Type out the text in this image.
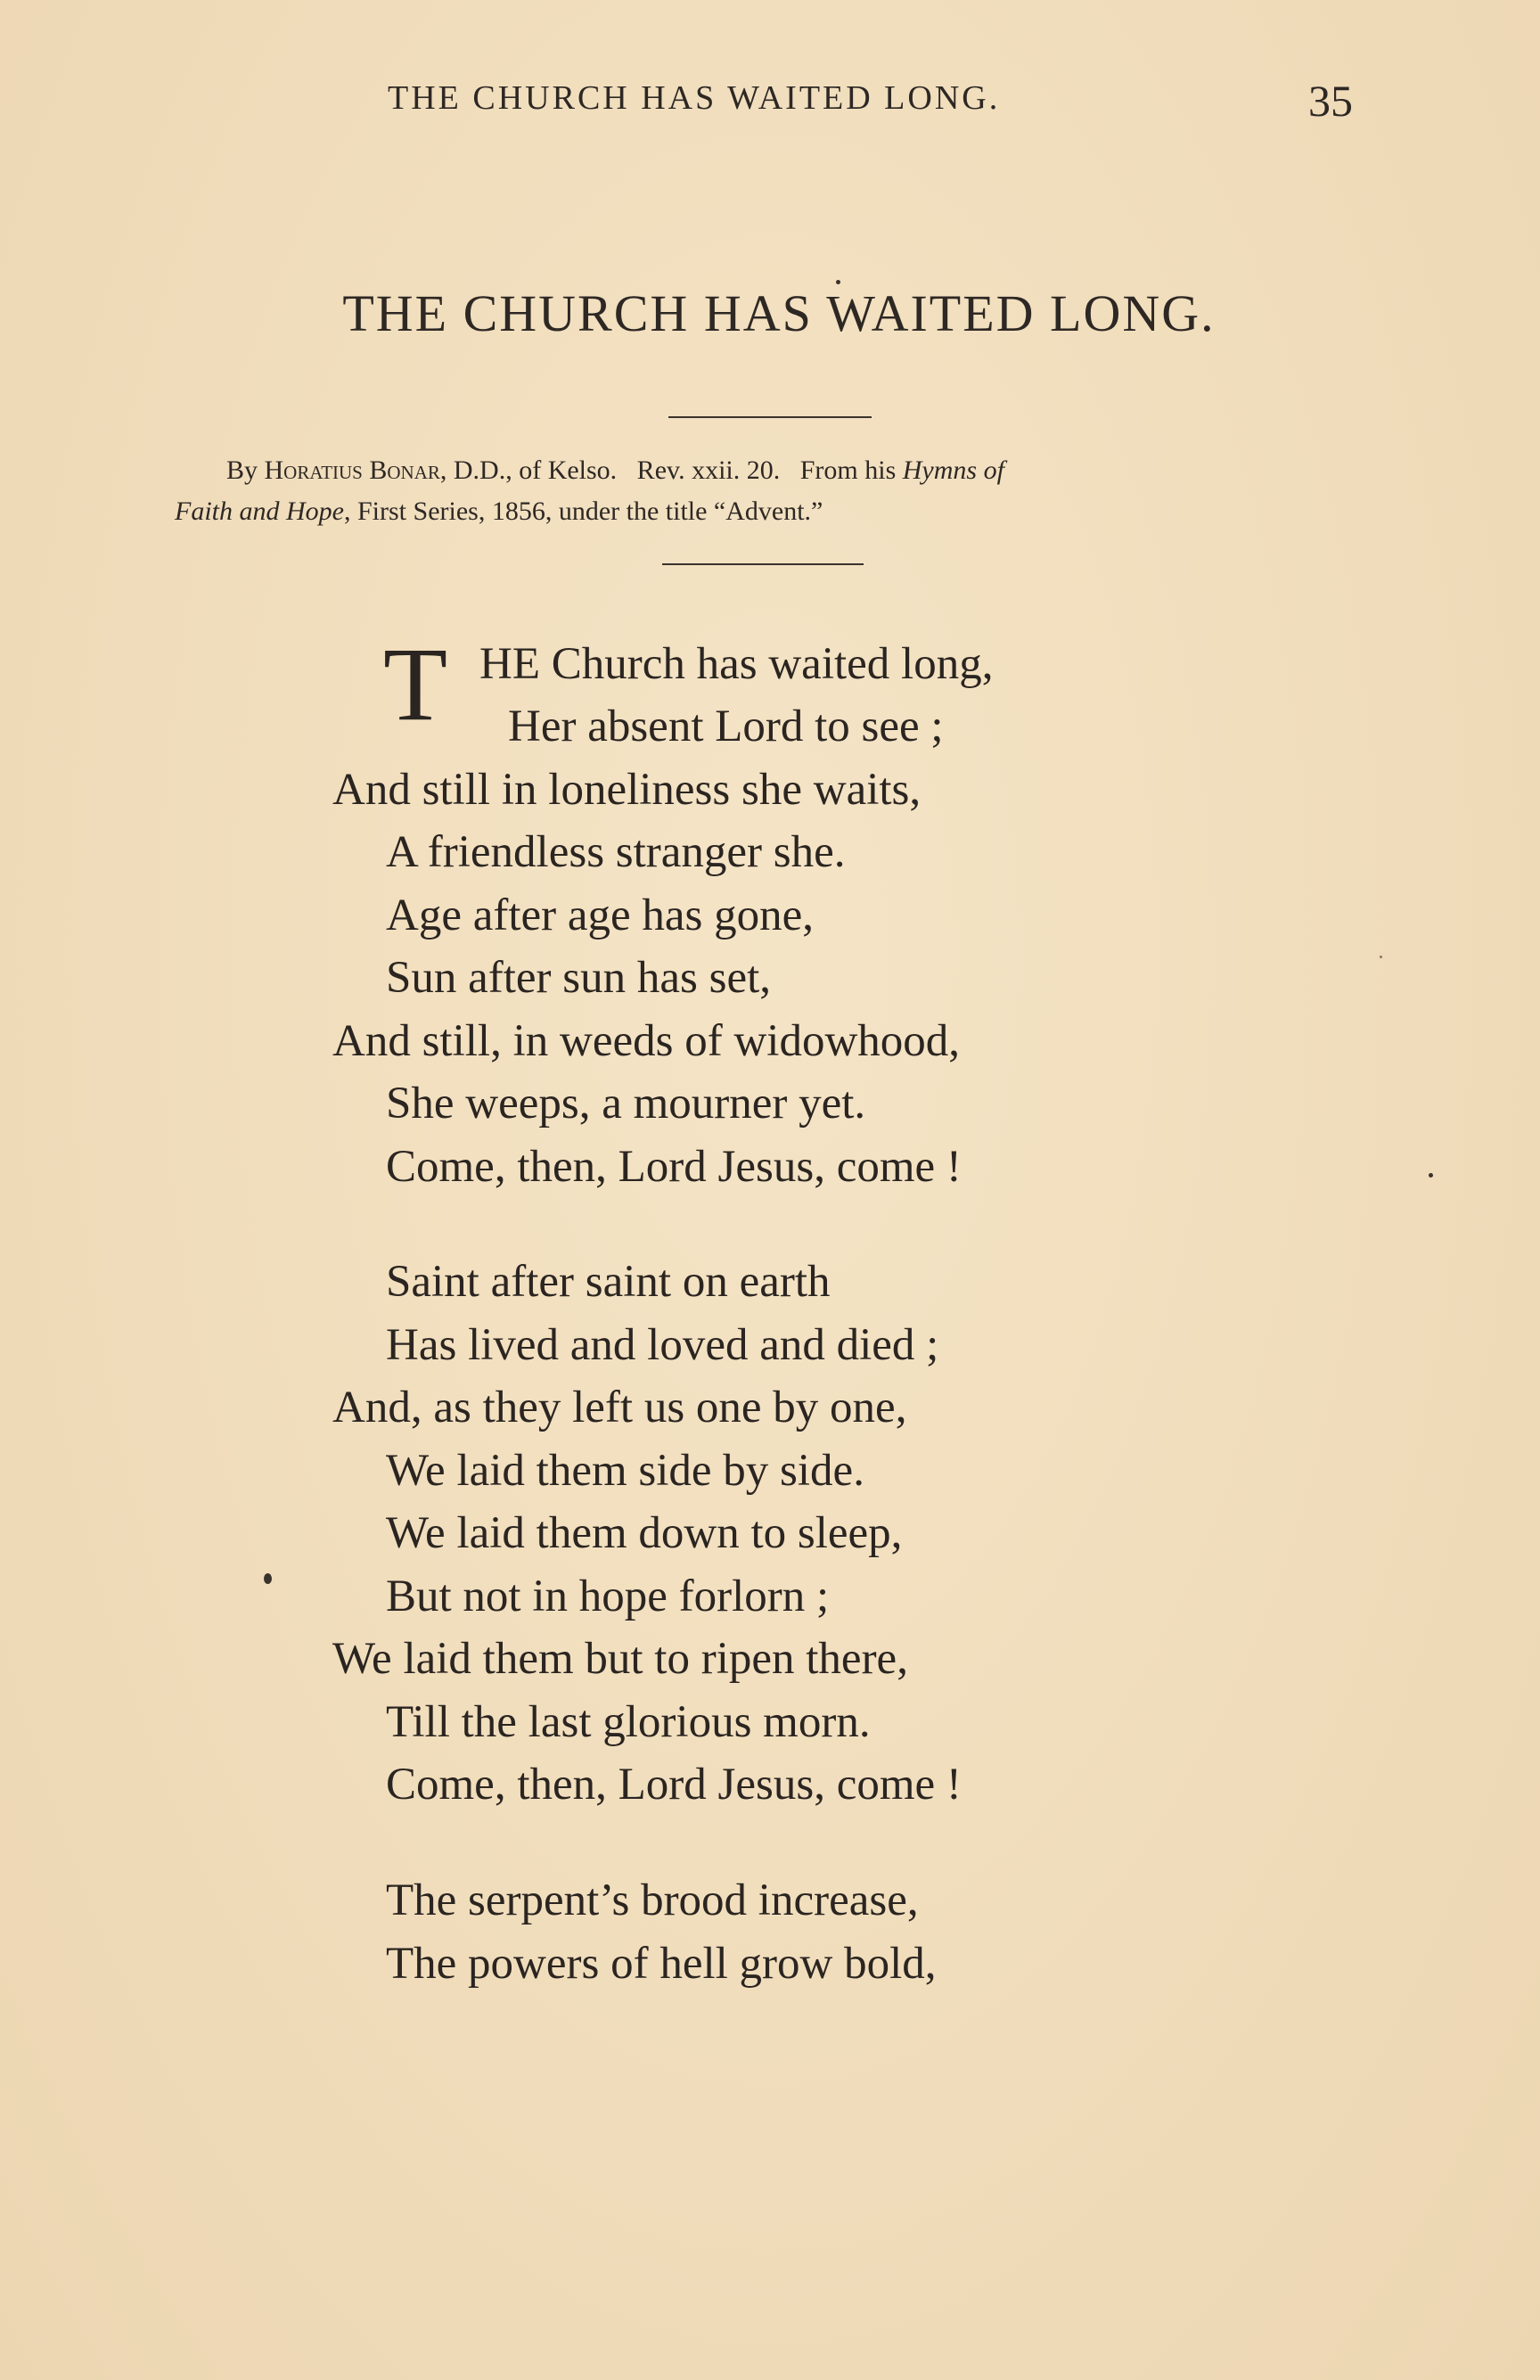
THE CHURCH HAS WAITED LONG.	35
THE CHURCH HAS WAITED LONG.
By Horatius Bonar, D.D., of Kelso.   Rev. xxii. 20.   From his Hymns of
Faith and Hope, First Series, 1856, under the title “Advent.”
T HE Church has waited long,
Her absent Lord to see ;
And still in loneliness she waits,
A friendless stranger she.
Age after age has gone,
Sun after sun has set,
And still, in weeds of widowhood,
She weeps, a mourner yet.
Come, then, Lord Jesus, come !
Saint after saint on earth
Has lived and loved and died ;
And, as they left us one by one,
We laid them side by side.
We laid them down to sleep,
But not in hope forlorn ;
We laid them but to ripen there,
Till the last glorious morn.
Come, then, Lord Jesus, come !
The serpent’s brood increase,
The powers of hell grow bold,
